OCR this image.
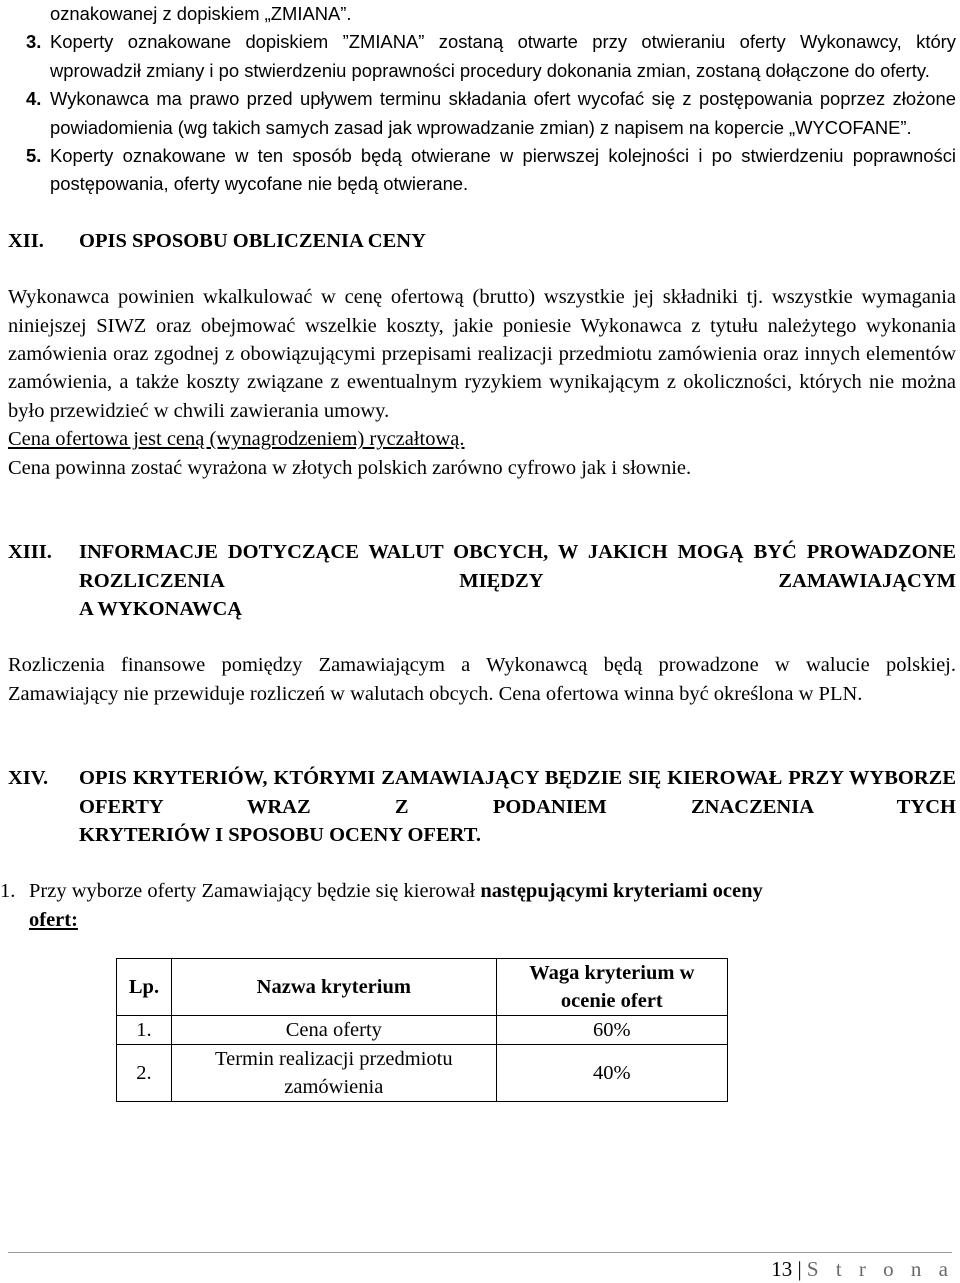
oznakowanej z dopiskiem „ZMIANA”.
3. Koperty oznakowane dopiskiem ”ZMIANA” zostaną otwarte przy otwieraniu oferty Wykonawcy, który wprowadził zmiany i po stwierdzeniu poprawności procedury dokonania zmian, zostaną dołączone do oferty.
4. Wykonawca ma prawo przed upływem terminu składania ofert wycofać się z postępowania poprzez złożone powiadomienia (wg takich samych zasad jak wprowadzanie zmian) z napisem na kopercie „WYCOFANE”.
5. Koperty oznakowane w ten sposób będą otwierane w pierwszej kolejności i po stwierdzeniu poprawności postępowania, oferty wycofane nie będą otwierane.
XII. OPIS SPOSOBU OBLICZENIA CENY
Wykonawca powinien wkalkulować w cenę ofertową (brutto) wszystkie jej składniki tj. wszystkie wymagania niniejszej SIWZ oraz obejmować wszelkie koszty, jakie poniesie Wykonawca z tytułu należytego wykonania zamówienia oraz zgodnej z obowiązującymi przepisami realizacji przedmiotu zamówienia oraz innych elementów zamówienia, a także koszty związane z ewentualnym ryzykiem wynikającym z okoliczności, których nie można było przewidzieć w chwili zawierania umowy.
Cena ofertowa jest ceną (wynagrodzeniem) ryczałtową.
Cena powinna zostać wyrażona w złotych polskich zarówno cyfrowo jak i słownie.
XIII. INFORMACJE DOTYCZĄCE WALUT OBCYCH, W JAKICH MOGĄ BYĆ PROWADZONE ROZLICZENIA MIĘDZY ZAMAWIAJĄCYM
A WYKONAWCĄ
Rozliczenia finansowe pomiędzy Zamawiającym a Wykonawcą będą prowadzone w walucie polskiej. Zamawiający nie przewiduje rozliczeń w walutach obcych. Cena ofertowa winna być określona w PLN.
XIV. OPIS KRYTERIÓW, KTÓRYMI ZAMAWIAJĄCY BĘDZIE SIĘ KIEROWAŁ PRZY WYBORZE OFERTY WRAZ Z PODANIEM ZNACZENIA TYCH
KRYTERIÓW I SPOSOBU OCENY OFERT.
1. Przy wyborze oferty Zamawiający będzie się kierował następującymi kryteriami oceny
ofert:
Lp.	Nazwa kryterium	Waga kryterium w ocenie ofert
1.	Cena oferty	60%
2.	Termin realizacji przedmiotu zamówienia	40%
13 | S t r o n a
